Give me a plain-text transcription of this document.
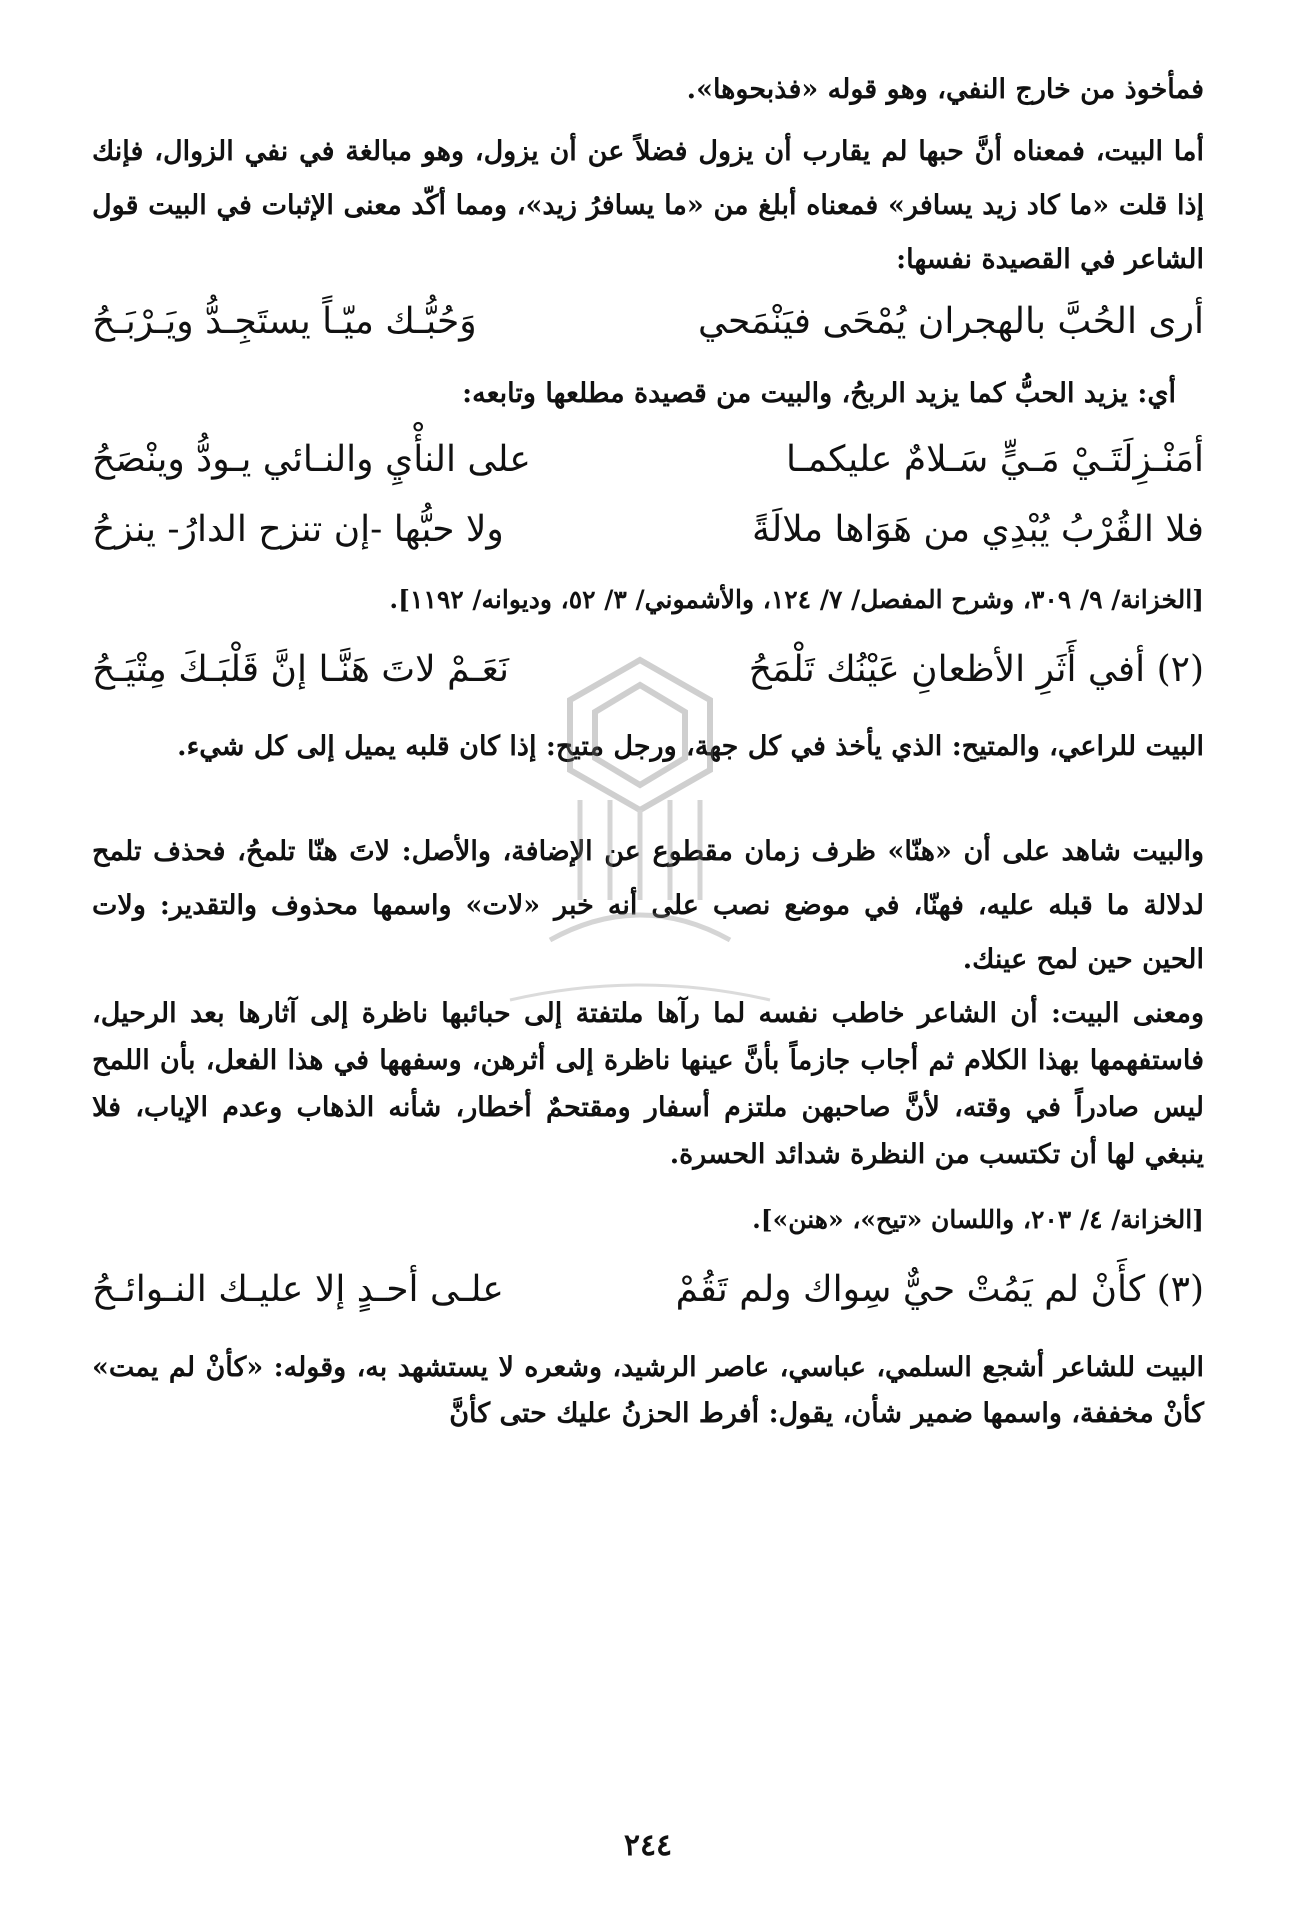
فمأخوذ من خارج النفي، وهو قوله «فذبحوها».
أما البيت، فمعناه أنَّ حبها لم يقارب أن يزول فضلاً عن أن يزول، وهو مبالغة في نفي الزوال، فإنك إذا قلت «ما كاد زيد يسافر» فمعناه أبلغ من «ما يسافرُ زيد»، ومما أكّد معنى الإثبات في البيت قول الشاعر في القصيدة نفسها:
أرى الحُبَّ بالهجران يُمْحَى فيَنْمَحي
وَحُبُّـك ميّـاً يستَجِـدُّ ويَـرْبَـحُ
أي: يزيد الحبُّ كما يزيد الربحُ، والبيت من قصيدة مطلعها وتابعه:
أمَنْـزِلَتَـيْ مَـيٍّ سَـلامٌ عليكمـا
على النأْيِ والنـائي يـودُّ وينْصَحُ
فلا القُرْبُ يُبْدِي من هَوَاها ملالَةً
ولا حبُّها -إن تنزح الدارُ- ينزحُ
[الخزانة/ ٩/ ٣٠٩، وشرح المفصل/ ٧/ ١٢٤، والأشموني/ ٣/ ٥٢، وديوانه/ ١١٩٢].
(٢) أفي أَثَرِ الأظعانِ عَيْنُك تَلْمَحُ
نَعَـمْ لاتَ هَنَّـا إنَّ قَلْبَـكَ مِتْيَـحُ
البيت للراعي، والمتيح: الذي يأخذ في كل جهة، ورجل متيح: إذا كان قلبه يميل إلى كل شيء.
والبيت شاهد على أن «هنّا» ظرف زمان مقطوع عن الإضافة، والأصل: لاتَ هنّا تلمحُ، فحذف تلمح لدلالة ما قبله عليه، فهنّا، في موضع نصب على أنه خبر «لات» واسمها محذوف والتقدير: ولات الحين حين لمح عينك.
ومعنى البيت: أن الشاعر خاطب نفسه لما رآها ملتفتة إلى حبائبها ناظرة إلى آثارها بعد الرحيل، فاستفهمها بهذا الكلام ثم أجاب جازماً بأنَّ عينها ناظرة إلى أثرهن، وسفهها في هذا الفعل، بأن اللمح ليس صادراً في وقته، لأنَّ صاحبهن ملتزم أسفار ومقتحمٌ أخطار، شأنه الذهاب وعدم الإياب، فلا ينبغي لها أن تكتسب من النظرة شدائد الحسرة.
[الخزانة/ ٤/ ٢٠٣، واللسان «تيح»، «هنن»].
(٣) كأَنْ لم يَمُتْ حيٌّ سِواك ولم تَقُمْ
علـى أحـدٍ إلا عليـك النـوائـحُ
البيت للشاعر أشجع السلمي، عباسي، عاصر الرشيد، وشعره لا يستشهد به، وقوله: «كأنْ لم يمت» كأنْ مخففة، واسمها ضمير شأن، يقول: أفرط الحزنُ عليك حتى كأنَّ
٢٤٤
